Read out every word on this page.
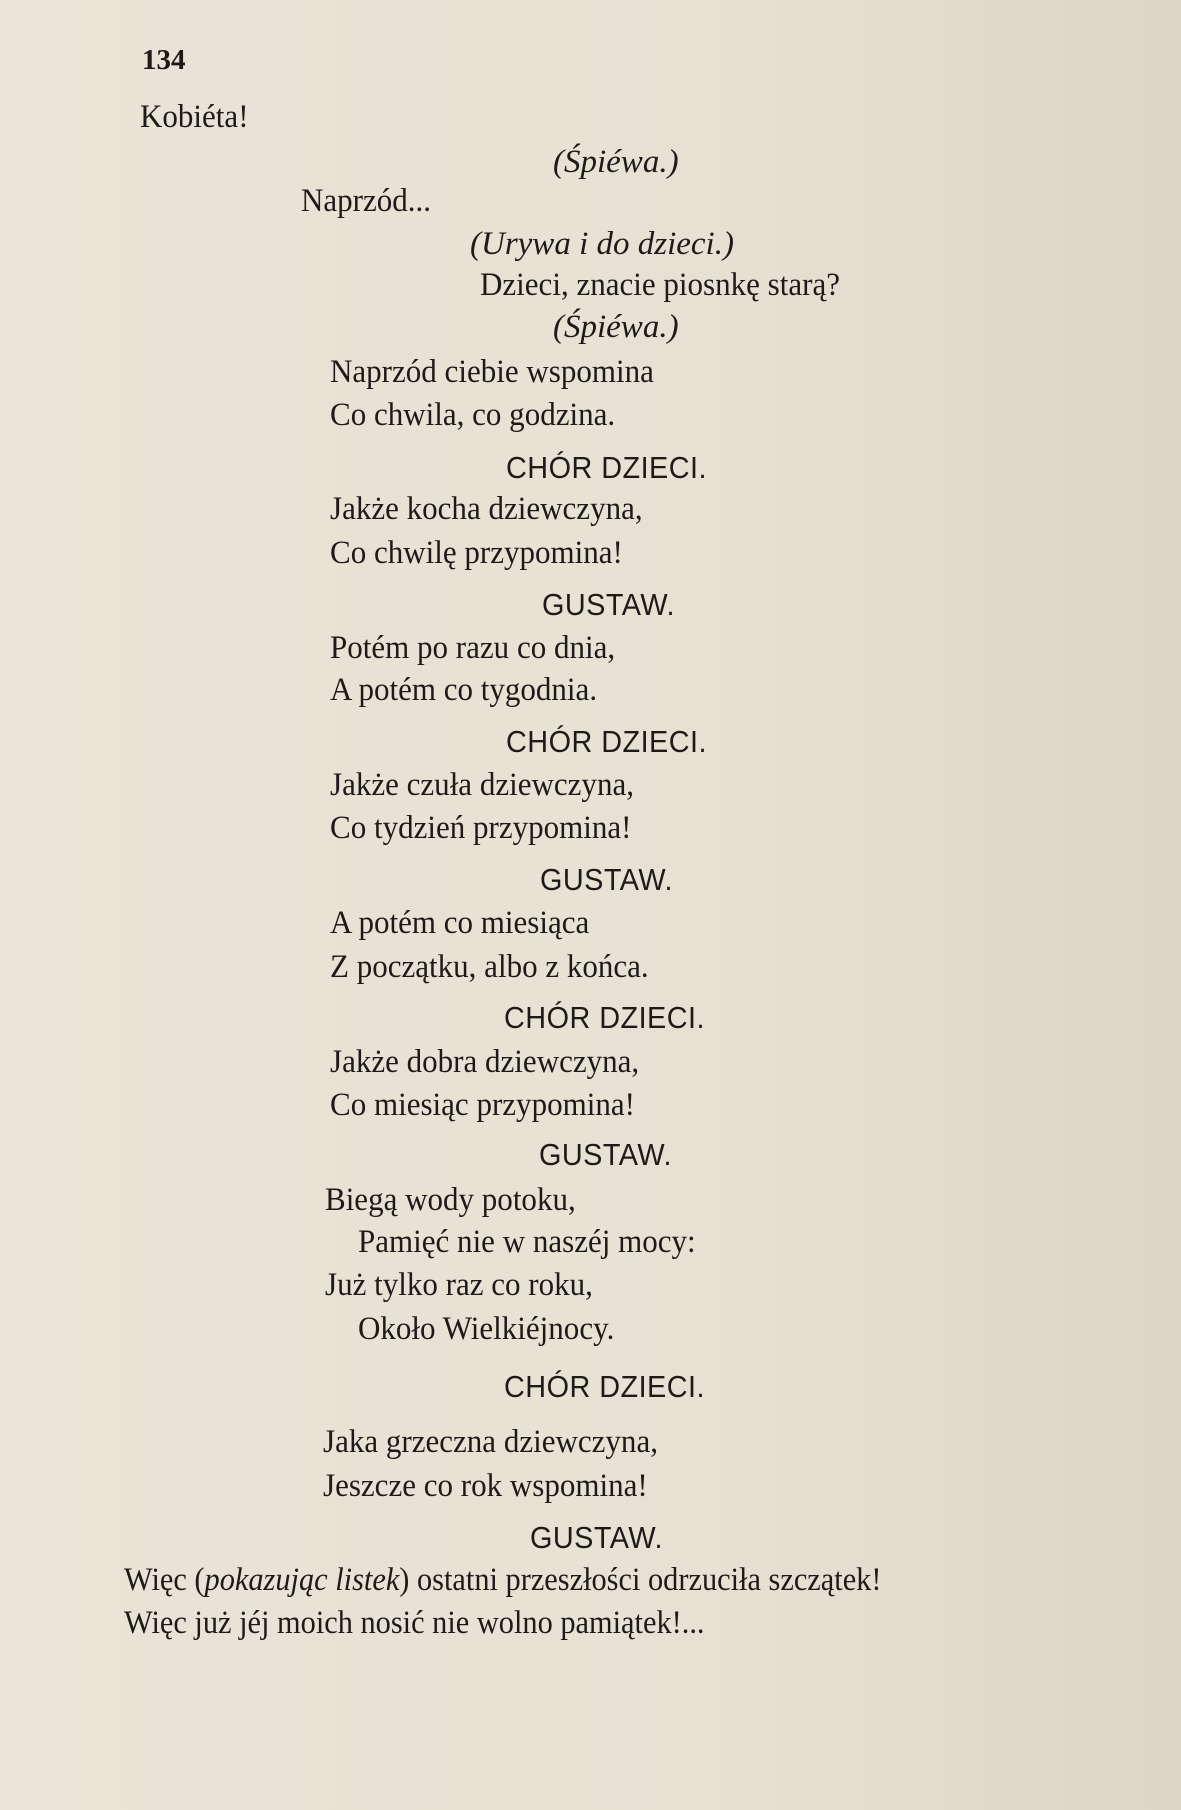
134
Kobiéta!
(Śpiéwa.)
Naprzód...
(Urywa i do dzieci.)
Dzieci, znacie piosnkę starą?
(Śpiéwa.)
Naprzód ciebie wspomina
Co chwila, co godzina.
CHÓR DZIECI.
Jakże kocha dziewczyna,
Co chwilę przypomina!
GUSTAW.
Potém po razu co dnia,
A potém co tygodnia.
CHÓR DZIECI.
Jakże czuła dziewczyna,
Co tydzień przypomina!
GUSTAW.
A potém co miesiąca
Z początku, albo z końca.
CHÓR DZIECI.
Jakże dobra dziewczyna,
Co miesiąc przypomina!
GUSTAW.
Biegą wody potoku,
Pamięć nie w naszéj mocy:
Już tylko raz co roku,
Około Wielkiéjnocy.
CHÓR DZIECI.
Jaka grzeczna dziewczyna,
Jeszcze co rok wspomina!
GUSTAW.
Więc (pokazując listek) ostatni przeszłości odrzuciła szczątek!
Więc już jéj moich nosić nie wolno pamiątek!...
